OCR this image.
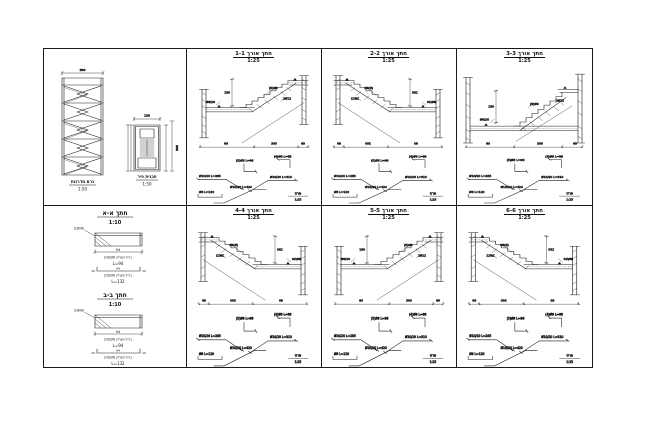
300
גרם מדרגות
1:50
120
300
תכנית פיר
1:50
חתך א-א
1:10
(1806)
94
(10)Ø8 ברזל מצולע
L=94
19	19
94
(10)Ø8 ברזל מצולע
L=132
חתך ב-ב
1:10
(1806)
94
(10)Ø8 ברזל מצולע
L=94
19	19
94
(10)Ø8 ברזל מצולע
L=132
חתך אורך 1-1
1:25
חתך אורך 2-2
1:25
חתך אורך 3-3
1:25
חתך אורך 4-4
1:25
חתך אורך 5-5
1:25
חתך אורך 6-6
1:25
